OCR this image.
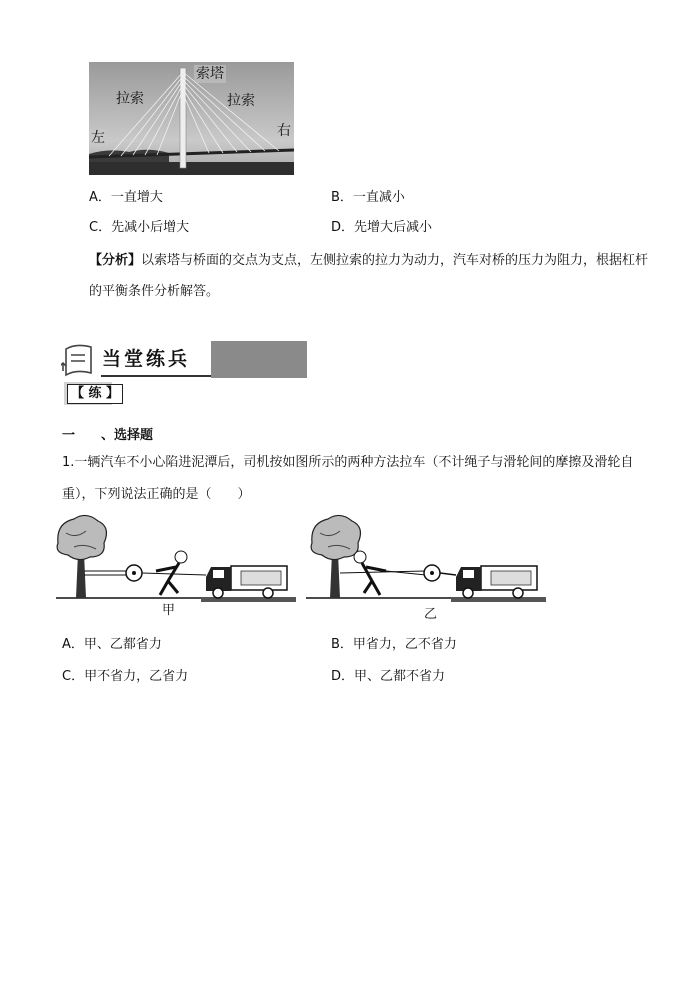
索塔
拉索	拉索
左	右
A．一直增大	B．一直减小
C．先减小后增大	D．先增大后减小
【分析】以索塔与桥面的交点为支点，左侧拉索的拉力为动力，汽车对桥的压力为阻力，根据杠杆的平衡条件分析解答。
当堂练兵
【 练 】
一 、选择题
1.一辆汽车不小心陷进泥潭后，司机按如图所示的两种方法拉车（不计绳子与滑轮间的摩擦及滑轮自重），下列说法正确的是（　　）
甲	乙
A．甲、乙都省力	B．甲省力，乙不省力
C．甲不省力，乙省力	D．甲、乙都不省力
